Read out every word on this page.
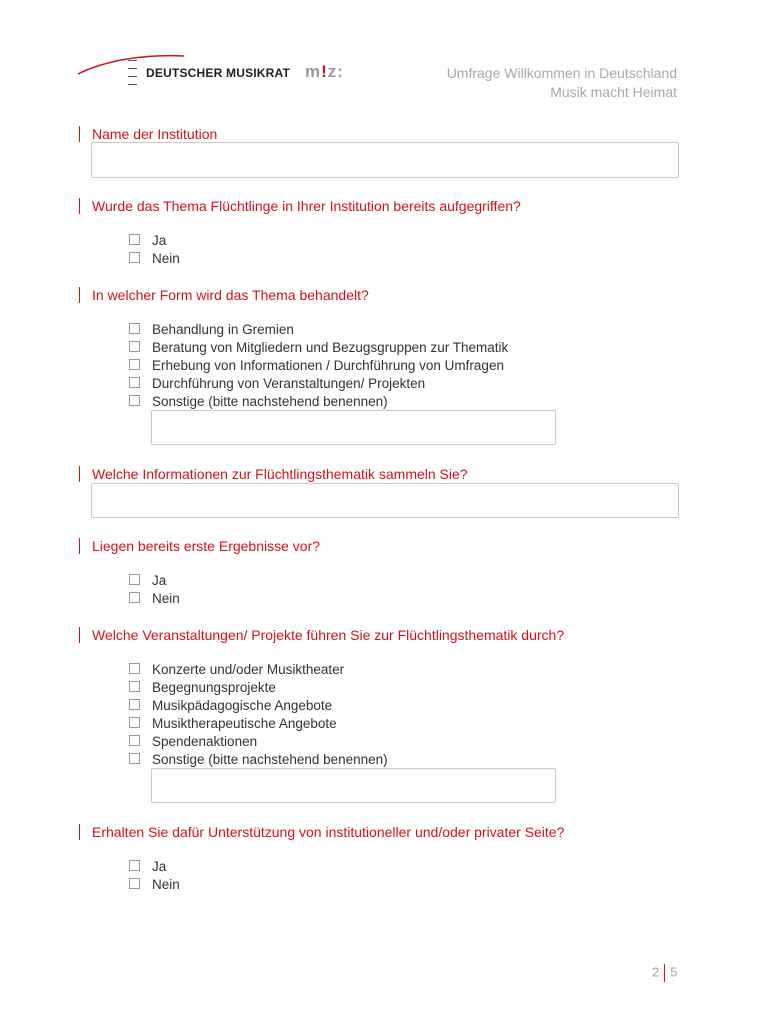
DEUTSCHER MUSIKRAT m!z:	Umfrage Willkommen in Deutschland
Musik macht Heimat
Name der Institution
Wurde das Thema Flüchtlinge in Ihrer Institution bereits aufgegriffen?
Ja
Nein
In welcher Form wird das Thema behandelt?
Behandlung in Gremien
Beratung von Mitgliedern und Bezugsgruppen zur Thematik
Erhebung von Informationen / Durchführung von Umfragen
Durchführung von Veranstaltungen/ Projekten
Sonstige (bitte nachstehend benennen)
Welche Informationen zur Flüchtlingsthematik sammeln Sie?
Liegen bereits erste Ergebnisse vor?
Ja
Nein
Welche Veranstaltungen/ Projekte führen Sie zur Flüchtlingsthematik durch?
Konzerte und/oder Musiktheater
Begegnungsprojekte
Musikpädagogische Angebote
Musiktherapeutische Angebote
Spendenaktionen
Sonstige (bitte nachstehend benennen)
Erhalten Sie dafür Unterstützung von institutioneller und/oder privater Seite?
Ja
Nein
2 5
